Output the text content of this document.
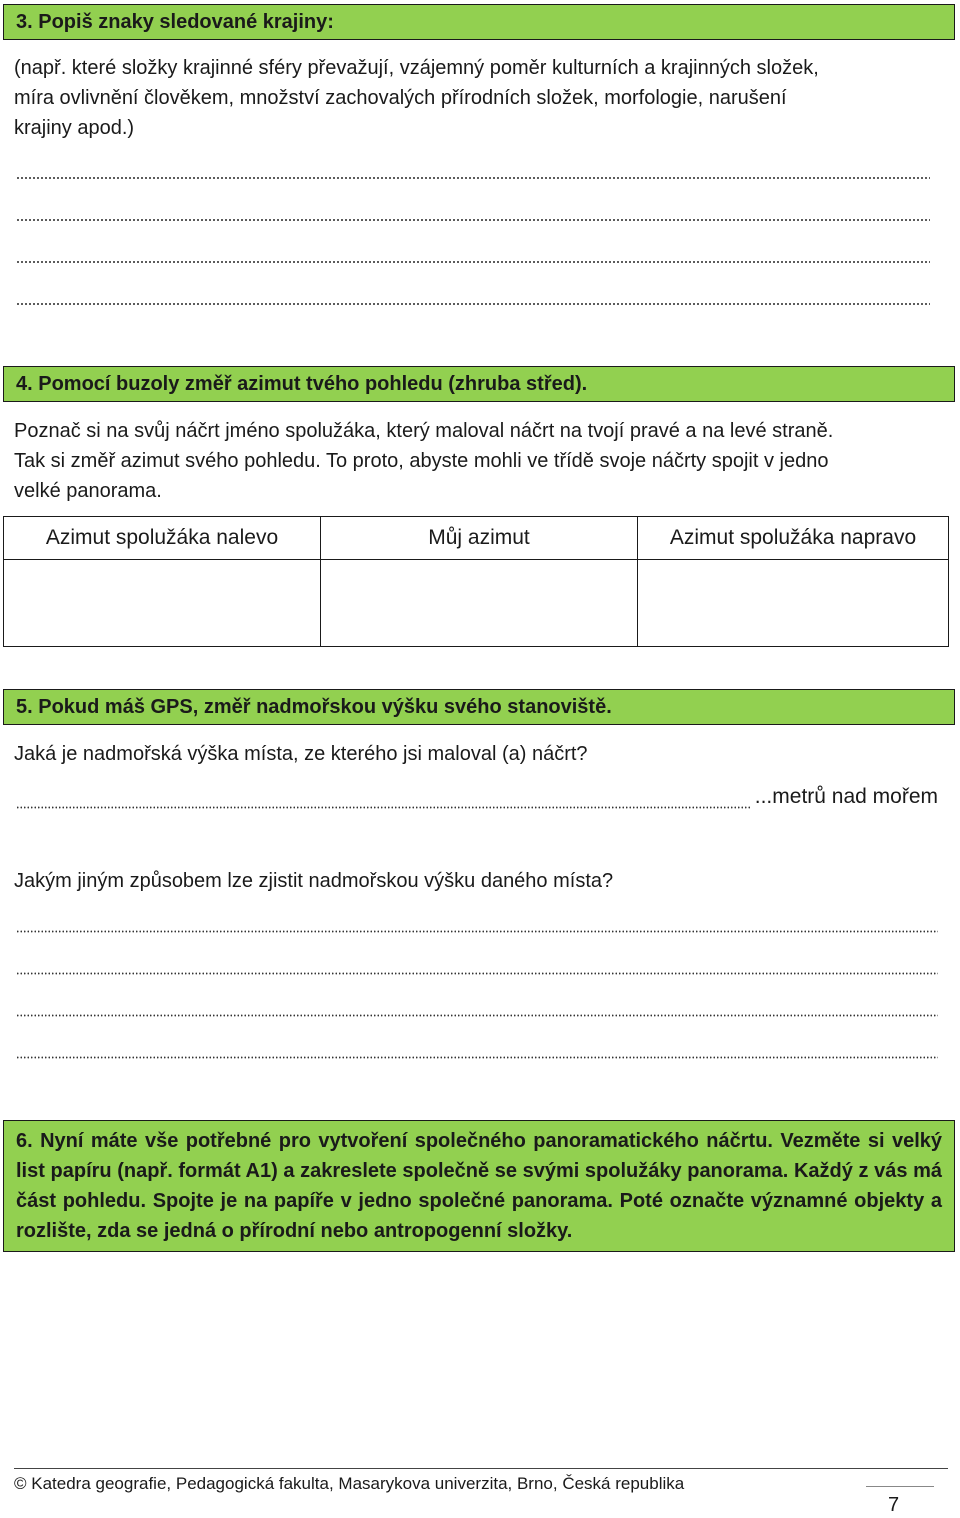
3. Popiš znaky sledované krajiny:
(např. které složky krajinné sféry převažují, vzájemný poměr kulturních a krajinných složek,
míra ovlivnění člověkem, množství zachovalých přírodních složek, morfologie, narušení
krajiny apod.)
4. Pomocí buzoly změř azimut tvého pohledu (zhruba střed).
Poznač si na svůj náčrt jméno spolužáka, který maloval náčrt na tvojí pravé a na levé straně.
Tak si změř azimut svého pohledu. To proto, abyste mohli ve třídě svoje náčrty spojit v jedno
velké panorama.
Azimut spolužáka nalevo	Můj azimut	Azimut spolužáka napravo

5. Pokud máš GPS, změř nadmořskou výšku svého stanoviště.
Jaká je nadmořská výška místa, ze kterého jsi maloval (a) náčrt?
...metrů nad mořem
Jakým jiným způsobem lze zjistit nadmořskou výšku daného místa?
6. Nyní máte vše potřebné pro vytvoření společného panoramatického náčrtu. Vezměte si velký list papíru (např. formát A1) a zakreslete společně se svými spolužáky panorama. Každý z vás má část pohledu. Spojte je na papíře v jedno společné panorama. Poté označte významné objekty a rozlište, zda se jedná o přírodní nebo antropogenní složky.
© Katedra geografie, Pedagogická fakulta, Masarykova univerzita, Brno, Česká republika
7
